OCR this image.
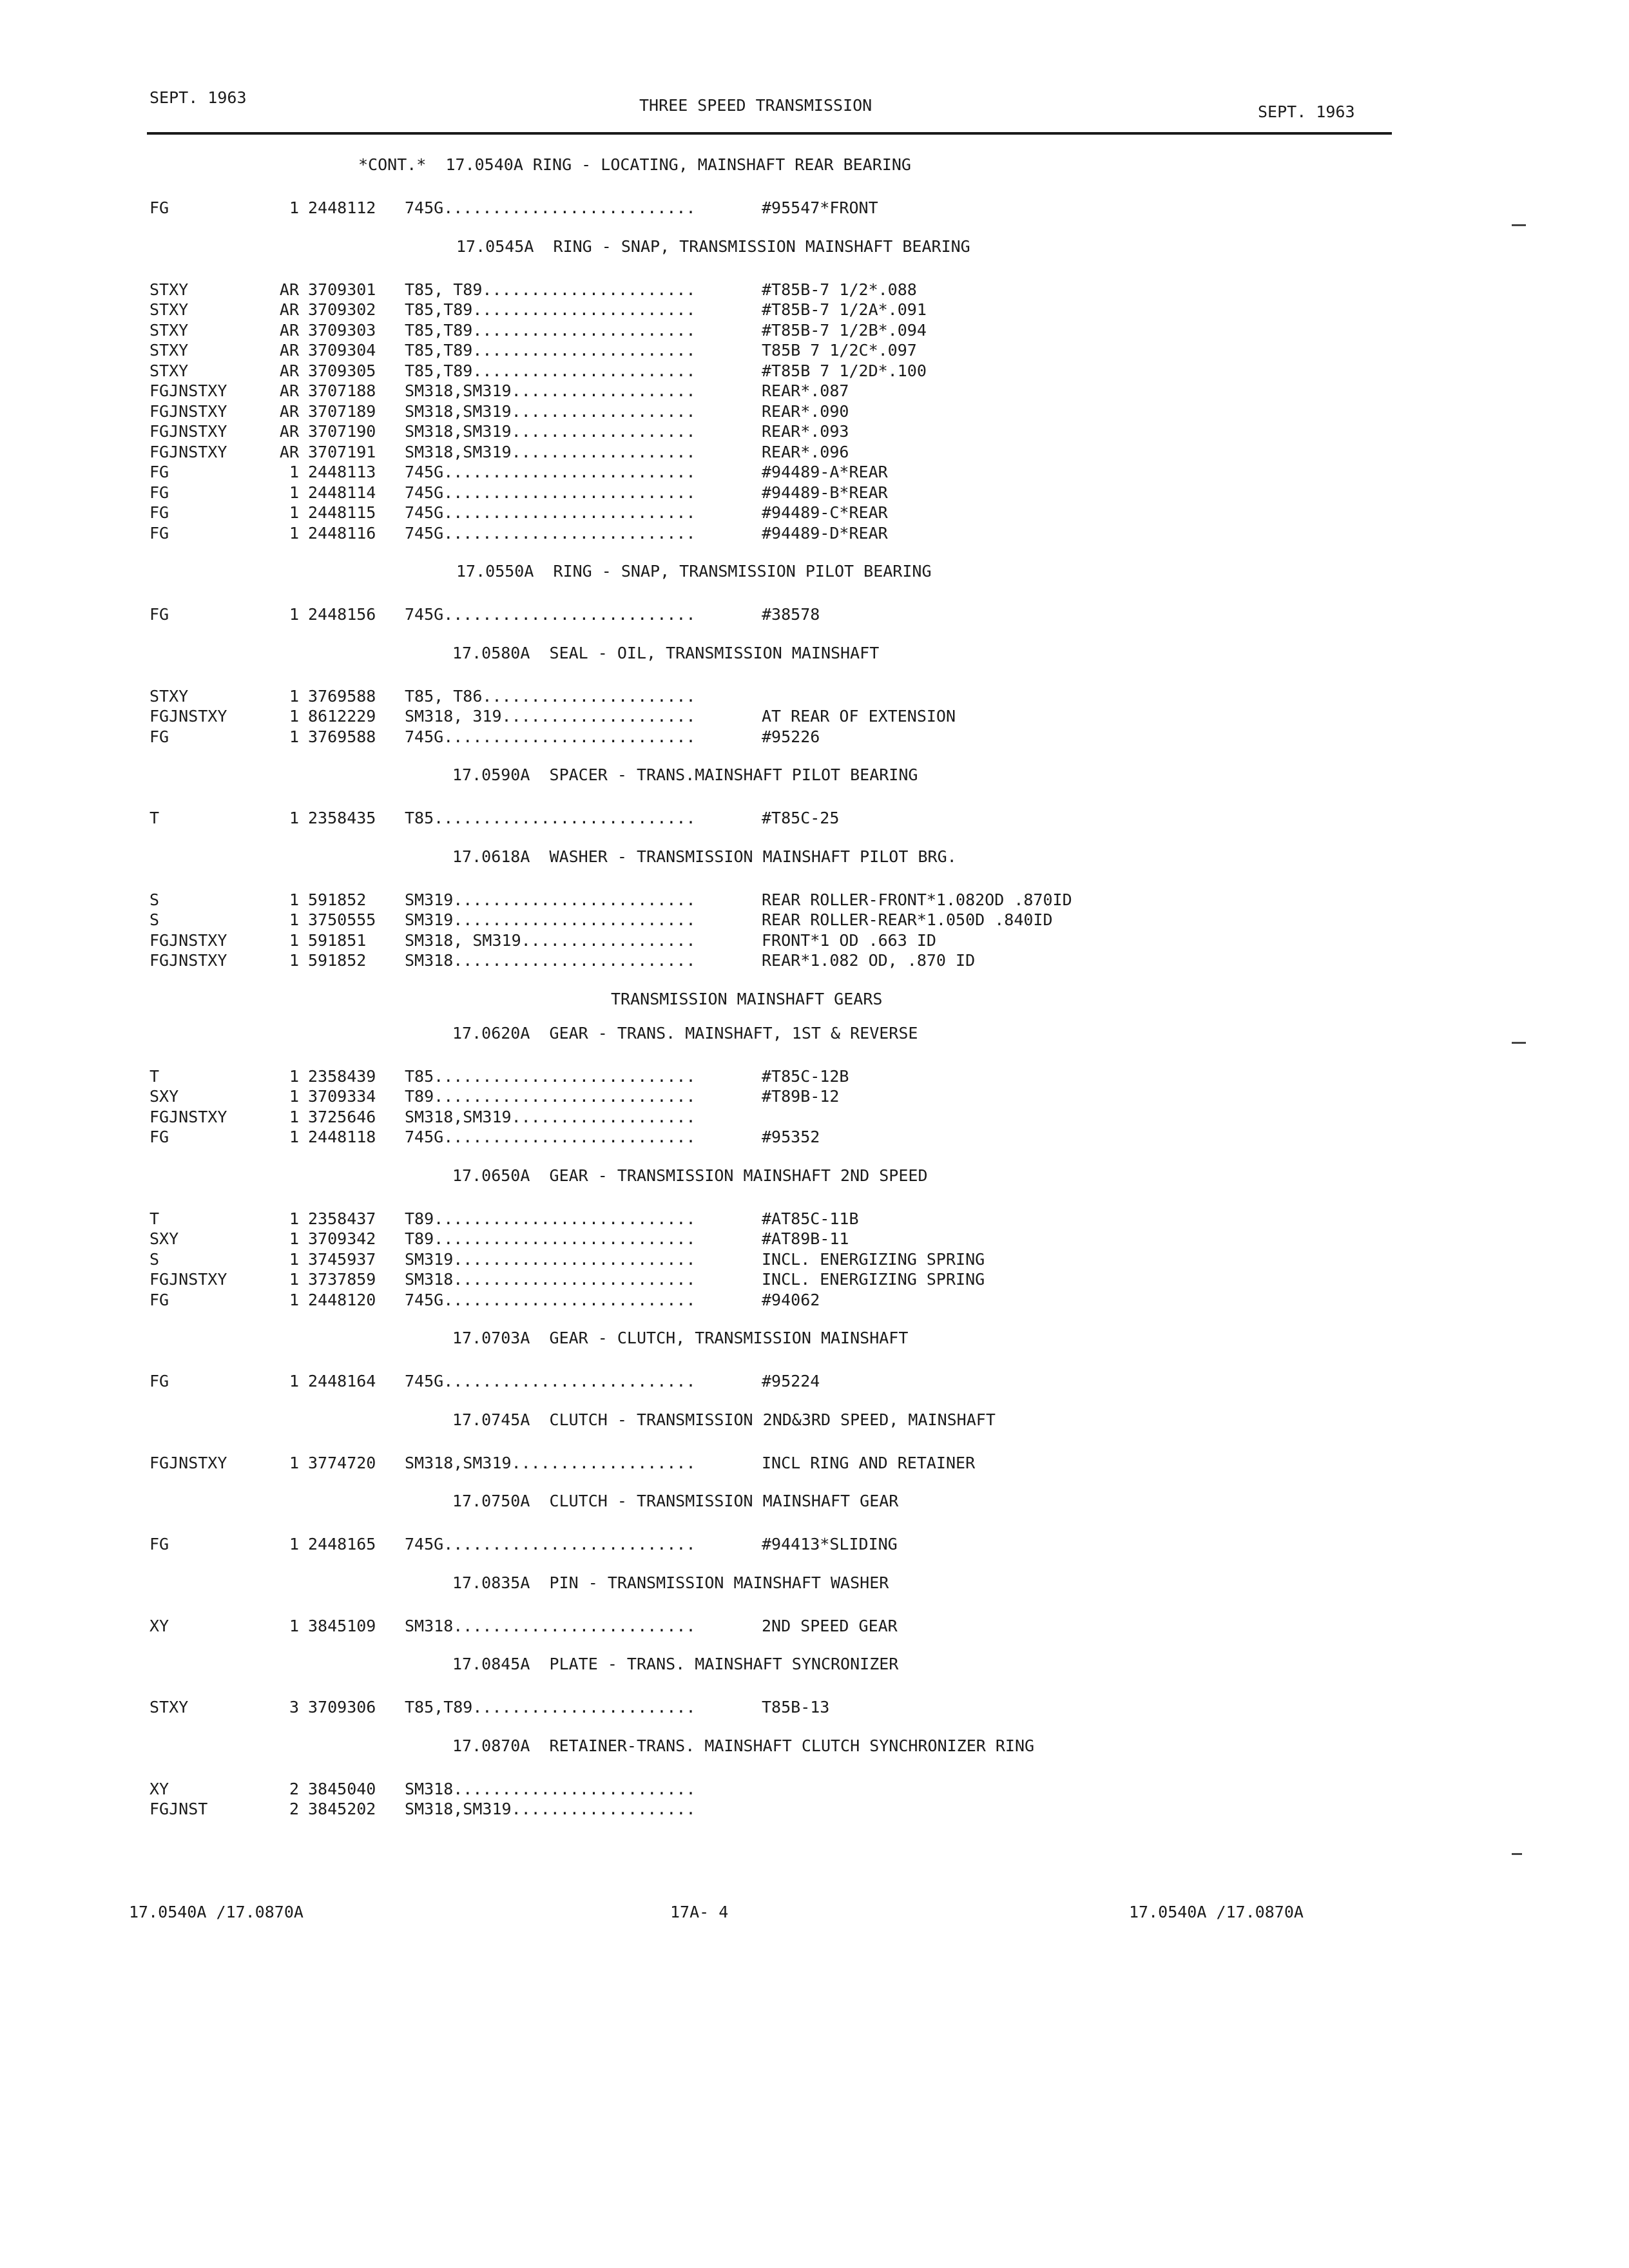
SEPT. 1963	THREE SPEED TRANSMISSION	SEPT. 1963
*CONT.*  17.0540A RING - LOCATING, MAINSHAFT REAR BEARING
FG	1 2448112 745G..........................	#95547*FRONT
17.0545A  RING - SNAP, TRANSMISSION MAINSHAFT BEARING
STXY	AR 3709301 T85, T89......................	#T85B-7 1/2*.088
STXY	AR 3709302 T85,T89.......................	#T85B-7 1/2A*.091
STXY	AR 3709303 T85,T89.......................	#T85B-7 1/2B*.094
STXY	AR 3709304 T85,T89.......................	T85B 7 1/2C*.097
STXY	AR 3709305 T85,T89.......................	#T85B 7 1/2D*.100
FGJNSTXY	AR 3707188 SM318,SM319...................	REAR*.087
FGJNSTXY	AR 3707189 SM318,SM319...................	REAR*.090
FGJNSTXY	AR 3707190 SM318,SM319...................	REAR*.093
FGJNSTXY	AR 3707191 SM318,SM319...................	REAR*.096
FG	1 2448113 745G..........................	#94489-A*REAR
FG	1 2448114 745G..........................	#94489-B*REAR
FG	1 2448115 745G..........................	#94489-C*REAR
FG	1 2448116 745G..........................	#94489-D*REAR
17.0550A  RING - SNAP, TRANSMISSION PILOT BEARING
FG	1 2448156 745G..........................	#38578
17.0580A  SEAL - OIL, TRANSMISSION MAINSHAFT
STXY	1 3769588 T85, T86......................
FGJNSTXY	1 8612229 SM318, 319....................	AT REAR OF EXTENSION
FG	1 3769588 745G..........................	#95226
17.0590A  SPACER - TRANS.MAINSHAFT PILOT BEARING
T	1 2358435 T85...........................	#T85C-25
17.0618A  WASHER - TRANSMISSION MAINSHAFT PILOT BRG.
S	1 591852 SM319.........................	REAR ROLLER-FRONT*1.082OD .870ID
S	1 3750555 SM319.........................	REAR ROLLER-REAR*1.050D .840ID
FGJNSTXY	1 591851 SM318, SM319..................	FRONT*1 OD .663 ID
FGJNSTXY	1 591852 SM318.........................	REAR*1.082 OD, .870 ID
TRANSMISSION MAINSHAFT GEARS
17.0620A  GEAR - TRANS. MAINSHAFT, 1ST & REVERSE
T	1 2358439 T85...........................	#T85C-12B
SXY	1 3709334 T89...........................	#T89B-12
FGJNSTXY	1 3725646 SM318,SM319...................
FG	1 2448118 745G..........................	#95352
17.0650A  GEAR - TRANSMISSION MAINSHAFT 2ND SPEED
T	1 2358437 T89...........................	#AT85C-11B
SXY	1 3709342 T89...........................	#AT89B-11
S	1 3745937 SM319.........................	INCL. ENERGIZING SPRING
FGJNSTXY	1 3737859 SM318.........................	INCL. ENERGIZING SPRING
FG	1 2448120 745G..........................	#94062
17.0703A  GEAR - CLUTCH, TRANSMISSION MAINSHAFT
FG	1 2448164 745G..........................	#95224
17.0745A  CLUTCH - TRANSMISSION 2ND&3RD SPEED, MAINSHAFT
FGJNSTXY	1 3774720 SM318,SM319...................	INCL RING AND RETAINER
17.0750A  CLUTCH - TRANSMISSION MAINSHAFT GEAR
FG	1 2448165 745G..........................	#94413*SLIDING
17.0835A  PIN - TRANSMISSION MAINSHAFT WASHER
XY	1 3845109 SM318.........................	2ND SPEED GEAR
17.0845A  PLATE - TRANS. MAINSHAFT SYNCRONIZER
STXY	3 3709306 T85,T89.......................	T85B-13
17.0870A  RETAINER-TRANS. MAINSHAFT CLUTCH SYNCHRONIZER RING
XY	2 3845040 SM318.........................
FGJNST	2 3845202 SM318,SM319...................
17.0540A /17.0870A	17A- 4	17.0540A /17.0870A
